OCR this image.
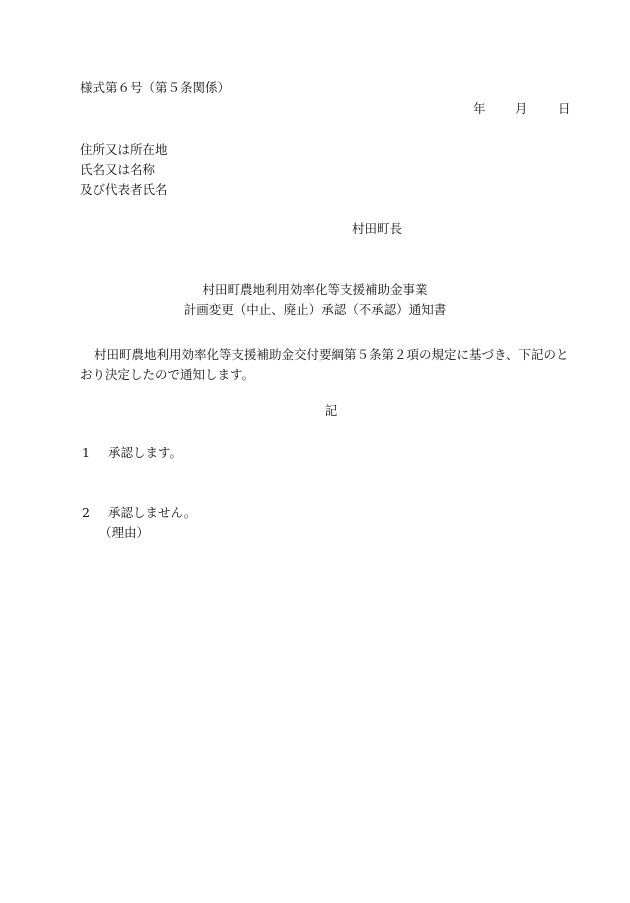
様式第６号（第５条関係）
年 月 日
住所又は所在地
氏名又は名称
及び代表者氏名
村田町長
村田町農地利用効率化等支援補助金事業
計画変更（中止、廃止）承認（不承認）通知書
村田町農地利用効率化等支援補助金交付要綱第５条第２項の規定に基づき、下記のとおり決定したので通知します。
記
1 承認します。
2 承認しません。
（理由）
